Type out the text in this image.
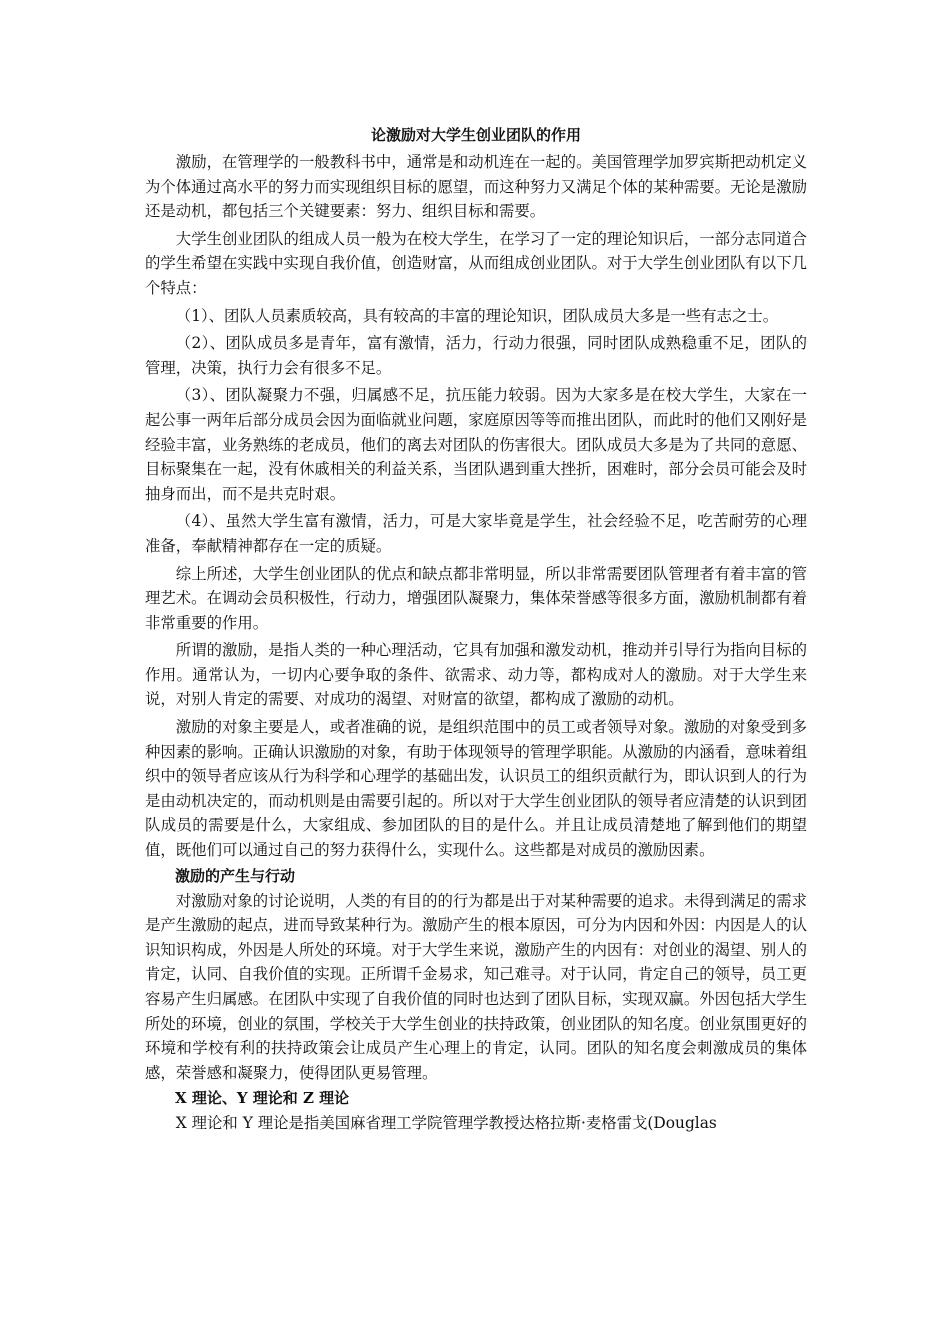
论激励对大学生创业团队的作用

激励，在管理学的一般教科书中，通常是和动机连在一起的。美国管理学加罗宾斯把动机定义为个体通过高水平的努力而实现组织目标的愿望，而这种努力又满足个体的某种需要。无论是激励还是动机，都包括三个关键要素：努力、组织目标和需要。

大学生创业团队的组成人员一般为在校大学生，在学习了一定的理论知识后，一部分志同道合的学生希望在实践中实现自我价值，创造财富，从而组成创业团队。对于大学生创业团队有以下几个特点：

（1）、团队人员素质较高，具有较高的丰富的理论知识，团队成员大多是一些有志之士。

（2）、团队成员多是青年，富有激情，活力，行动力很强，同时团队成熟稳重不足，团队的管理，决策，执行力会有很多不足。

（3）、团队凝聚力不强，归属感不足，抗压能力较弱。因为大家多是在校大学生，大家在一起公事一两年后部分成员会因为面临就业问题，家庭原因等等而推出团队，而此时的他们又刚好是经验丰富，业务熟练的老成员，他们的离去对团队的伤害很大。团队成员大多是为了共同的意愿、目标聚集在一起，没有休戚相关的利益关系，当团队遇到重大挫折，困难时，部分会员可能会及时抽身而出，而不是共克时艰。

（4）、虽然大学生富有激情，活力，可是大家毕竟是学生，社会经验不足，吃苦耐劳的心理准备，奉献精神都存在一定的质疑。

综上所述，大学生创业团队的优点和缺点都非常明显，所以非常需要团队管理者有着丰富的管理艺术。在调动会员积极性，行动力，增强团队凝聚力，集体荣誉感等很多方面，激励机制都有着非常重要的作用。

所谓的激励，是指人类的一种心理活动，它具有加强和激发动机，推动并引导行为指向目标的作用。通常认为，一切内心要争取的条件、欲需求、动力等，都构成对人的激励。对于大学生来说，对别人肯定的需要、对成功的渴望、对财富的欲望，都构成了激励的动机。

激励的对象主要是人，或者准确的说，是组织范围中的员工或者领导对象。激励的对象受到多种因素的影响。正确认识激励的对象，有助于体现领导的管理学职能。从激励的内涵看，意味着组织中的领导者应该从行为科学和心理学的基础出发，认识员工的组织贡献行为，即认识到人的行为是由动机决定的，而动机则是由需要引起的。所以对于大学生创业团队的领导者应清楚的认识到团队成员的需要是什么，大家组成、参加团队的目的是什么。并且让成员清楚地了解到他们的期望值，既他们可以通过自己的努力获得什么，实现什么。这些都是对成员的激励因素。

激励的产生与行动

对激励对象的讨论说明，人类的有目的的行为都是出于对某种需要的追求。未得到满足的需求是产生激励的起点，进而导致某种行为。激励产生的根本原因，可分为内因和外因：内因是人的认识知识构成，外因是人所处的环境。对于大学生来说，激励产生的内因有：对创业的渴望、别人的肯定，认同、自我价值的实现。正所谓千金易求，知己难寻。对于认同，肯定自己的领导，员工更容易产生归属感。在团队中实现了自我价值的同时也达到了团队目标，实现双赢。外因包括大学生所处的环境，创业的氛围，学校关于大学生创业的扶持政策，创业团队的知名度。创业氛围更好的环境和学校有利的扶持政策会让成员产生心理上的肯定，认同。团队的知名度会刺激成员的集体感，荣誉感和凝聚力，使得团队更易管理。

X 理论、Y 理论和 Z 理论

X 理论和 Y 理论是指美国麻省理工学院管理学教授达格拉斯·麦格雷戈(Douglas
